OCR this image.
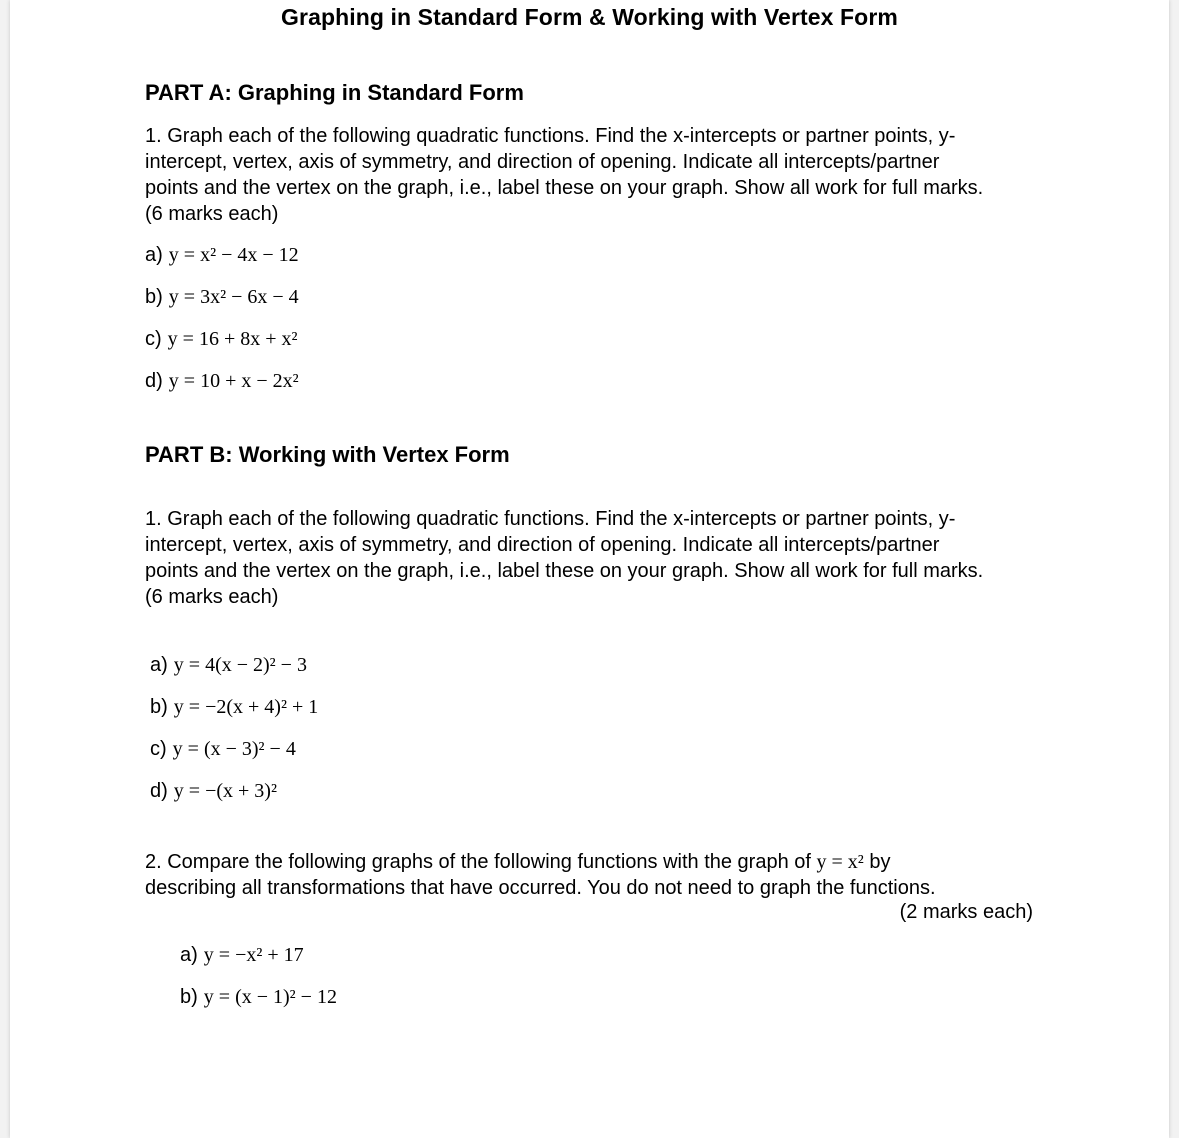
Graphing in Standard Form & Working with Vertex Form
PART A: Graphing in Standard Form
1. Graph each of the following quadratic functions. Find the x-intercepts or partner points, y-
intercept, vertex, axis of symmetry, and direction of opening. Indicate all intercepts/partner
points and the vertex on the graph, i.e., label these on your graph. Show all work for full marks.
(6 marks each)
a) y = x² − 4x − 12
b) y = 3x² − 6x − 4
c) y = 16 + 8x + x²
d) y = 10 + x − 2x²
PART B: Working with Vertex Form
1. Graph each of the following quadratic functions. Find the x-intercepts or partner points, y-
intercept, vertex, axis of symmetry, and direction of opening. Indicate all intercepts/partner
points and the vertex on the graph, i.e., label these on your graph. Show all work for full marks.
(6 marks each)
a) y = 4(x − 2)² − 3
b) y = −2(x + 4)² + 1
c) y = (x − 3)² − 4
d) y = −(x + 3)²
2. Compare the following graphs of the following functions with the graph of y = x² by
describing all transformations that have occurred. You do not need to graph the functions.
(2 marks each)
a) y = −x² + 17
b) y = (x − 1)² − 12
